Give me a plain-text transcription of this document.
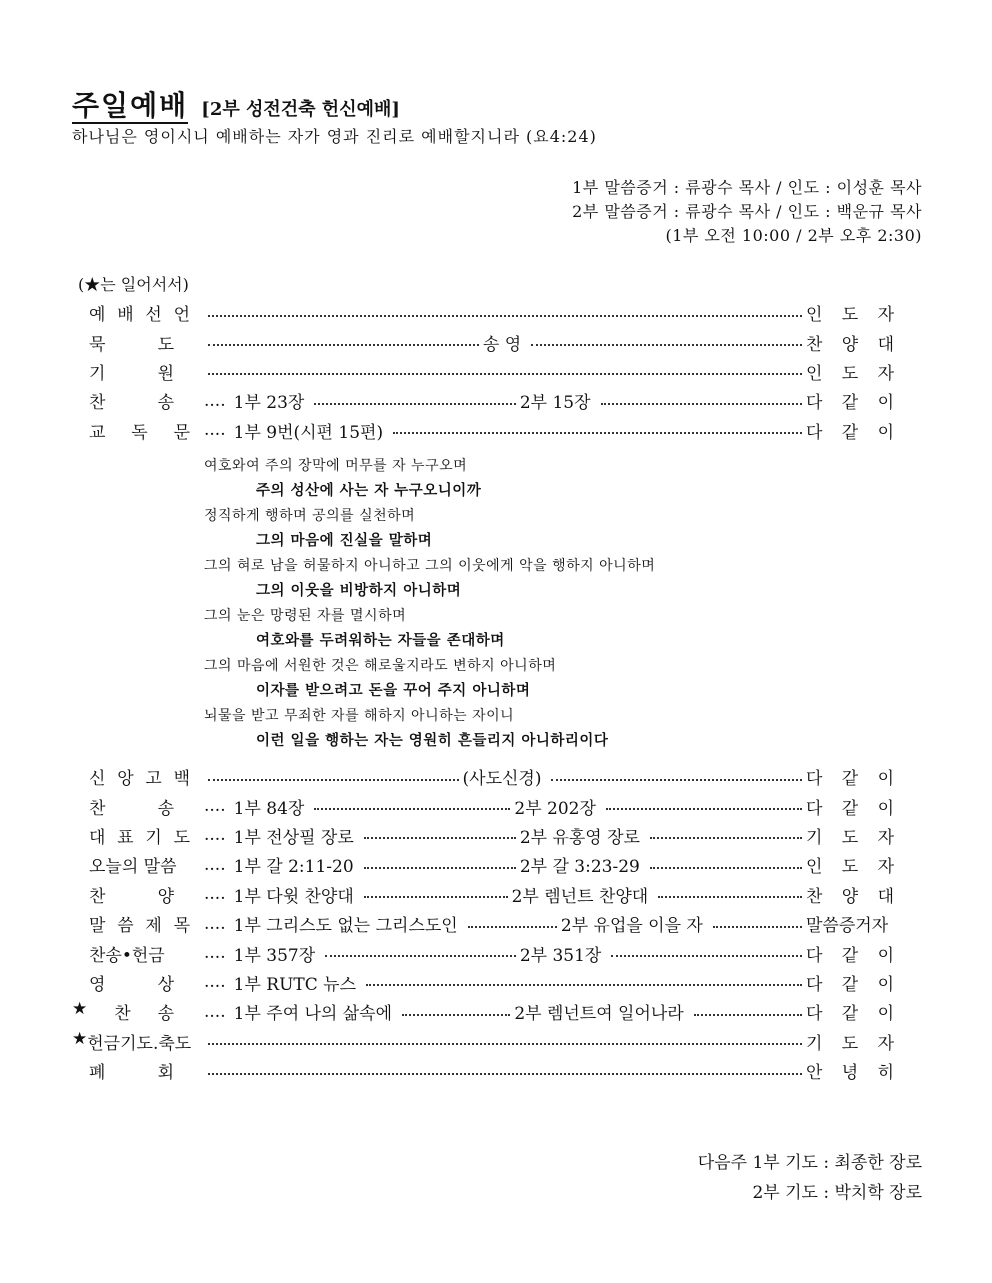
주일예배 [2부 성전건축 헌신예배]
하나님은 영이시니 예배하는 자가 영과 진리로 예배할지니라 (요4:24)
1부 말씀증거 : 류광수 목사 / 인도 : 이성훈 목사
2부 말씀증거 : 류광수 목사 / 인도 : 백운규 목사
(1부 오전 10:00 / 2부 오후 2:30)
(★는 일어서서)
예 배 선 언	인 도 자
묵	도	송 영	찬 양 대
기	원	인 도 자
찬	송 .... 1부 23장	2부 15장	다 같 이
교 독 문 .... 1부 9번(시편 15편)	다 같 이
여호와여 주의 장막에 머무를 자 누구오며
주의 성산에 사는 자 누구오니이까
정직하게 행하며 공의를 실천하며
그의 마음에 진실을 말하며
그의 혀로 남을 허물하지 아니하고 그의 이웃에게 악을 행하지 아니하며
그의 이웃을 비방하지 아니하며
그의 눈은 망령된 자를 멸시하며
여호와를 두려워하는 자들을 존대하며
그의 마음에 서원한 것은 해로울지라도 변하지 아니하며
이자를 받으려고 돈을 꾸어 주지 아니하며
뇌물을 받고 무죄한 자를 해하지 아니하는 자이니
이런 일을 행하는 자는 영원히 흔들리지 아니하리이다
신 앙 고 백	(사도신경)	다 같 이
찬	송 .... 1부 84장	2부 202장	다 같 이
대 표 기 도 .... 1부 전상필 장로	2부 유홍영 장로	기 도 자
오늘의 말씀 .... 1부 갈 2:11-20	2부 갈 3:23-29	인 도 자
찬	양 .... 1부 다윗 찬양대	2부 렘넌트 찬양대	찬 양 대
말 씀 제 목 .... 1부 그리스도 없는 그리스도인	2부 유업을 이을 자	말씀증거자
찬송•헌금 .... 1부 357장	2부 351장	다 같 이
영	상 .... 1부 RUTC 뉴스	다 같 이
★ 찬 송 .... 1부 주여 나의 삶속에	2부 렘넌트여 일어나라	다 같 이
★ 헌금기도.축도	기 도 자
폐	회	안 녕 히
다음주 1부 기도 : 최종한 장로
2부 기도 : 박치학 장로
